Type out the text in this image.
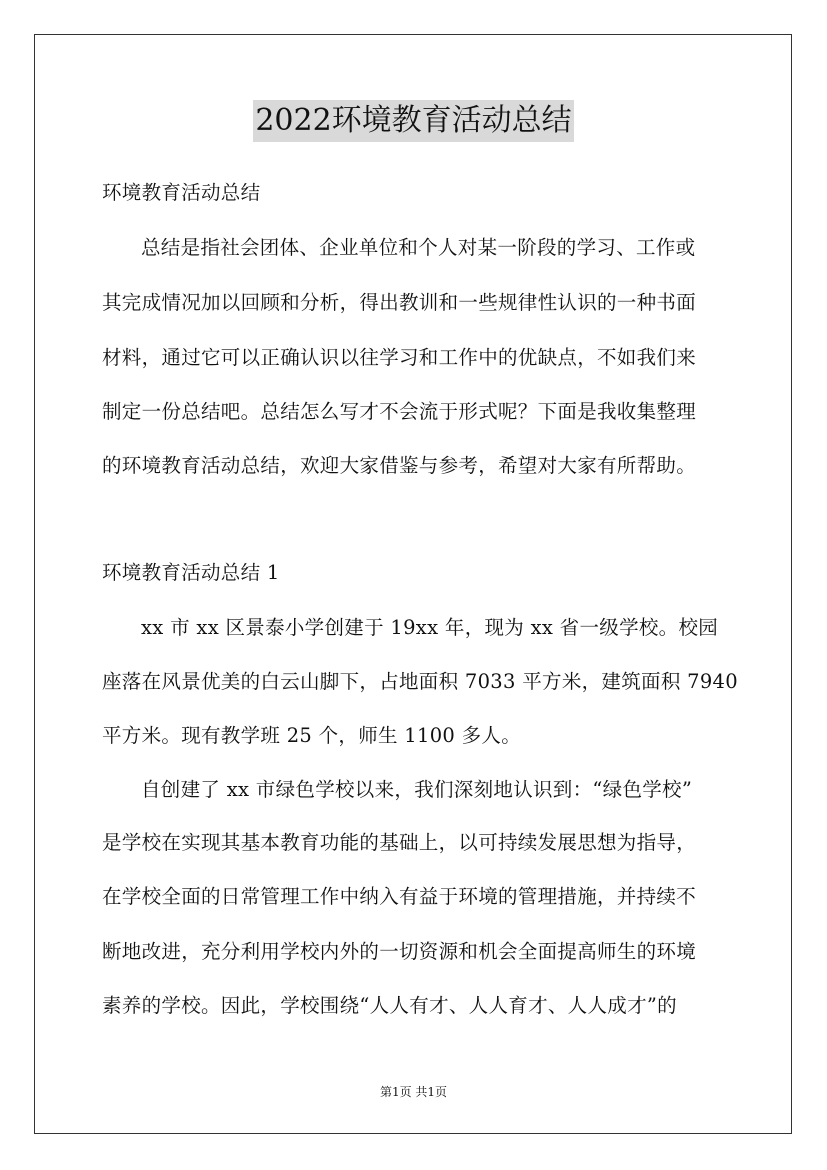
2022环境教育活动总结
环境教育活动总结
总结是指社会团体、企业单位和个人对某一阶段的学习、工作或
其完成情况加以回顾和分析，得出教训和一些规律性认识的一种书面
材料，通过它可以正确认识以往学习和工作中的优缺点，不如我们来
制定一份总结吧。总结怎么写才不会流于形式呢？下面是我收集整理
的环境教育活动总结，欢迎大家借鉴与参考，希望对大家有所帮助。
环境教育活动总结 1
xx 市 xx 区景泰小学创建于 19xx 年，现为 xx 省一级学校。校园
座落在风景优美的白云山脚下，占地面积 7033 平方米，建筑面积 7940
平方米。现有教学班 25 个，师生 1100 多人。
自创建了 xx 市绿色学校以来，我们深刻地认识到：“绿色学校”
是学校在实现其基本教育功能的基础上，以可持续发展思想为指导，
在学校全面的日常管理工作中纳入有益于环境的管理措施，并持续不
断地改进，充分利用学校内外的一切资源和机会全面提高师生的环境
素养的学校。因此，学校围绕“人人有才、人人育才、人人成才”的
第1页 共1页
